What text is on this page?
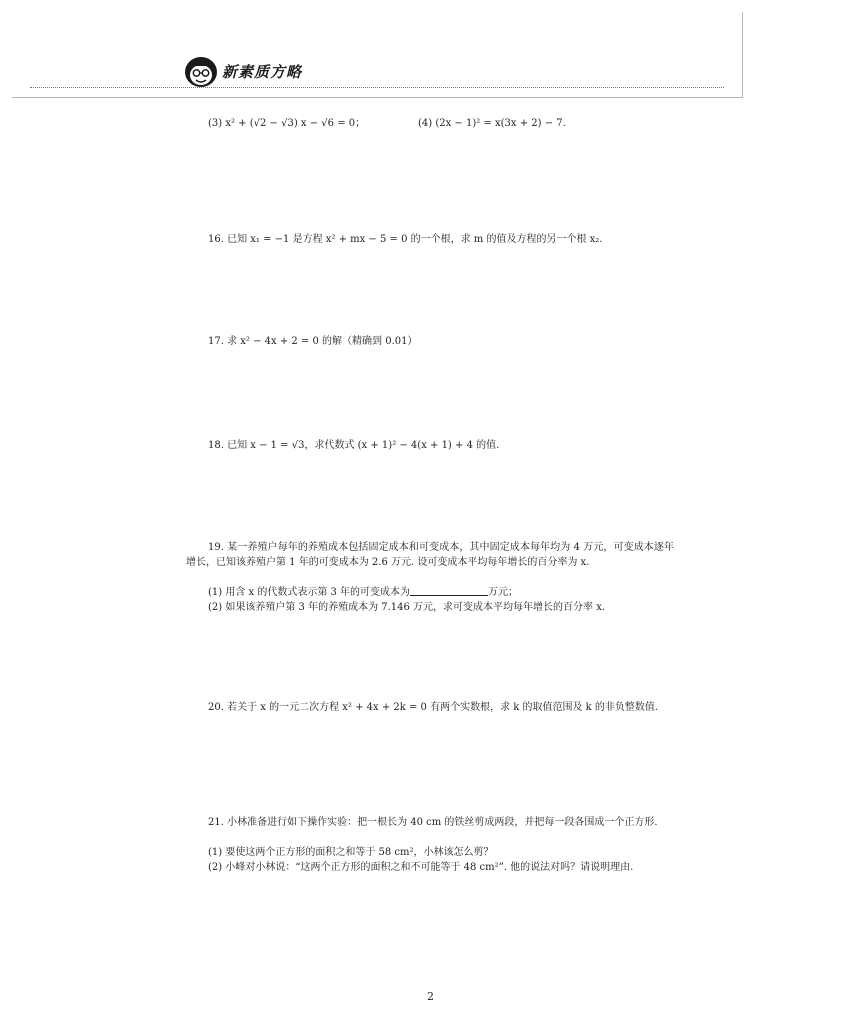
新素质方略
(3) x² + (√2 − √3) x − √6 = 0；	(4) (2x − 1)² = x(3x + 2) − 7.
16. 已知 x₁ = −1 是方程 x² + mx − 5 = 0 的一个根，求 m 的值及方程的另一个根 x₂.
17. 求 x² − 4x + 2 = 0 的解（精确到 0.01）
18. 已知 x − 1 = √3，求代数式 (x + 1)² − 4(x + 1) + 4 的值.
19. 某一养殖户每年的养殖成本包括固定成本和可变成本，其中固定成本每年均为 4 万元，可变成本逐年增长，已知该养殖户第 1 年的可变成本为 2.6 万元. 设可变成本平均每年增长的百分率为 x.
(1) 用含 x 的代数式表示第 3 年的可变成本为	万元；
(2) 如果该养殖户第 3 年的养殖成本为 7.146 万元，求可变成本平均每年增长的百分率 x.
20. 若关于 x 的一元二次方程 x² + 4x + 2k = 0 有两个实数根，求 k 的取值范围及 k 的非负整数值.
21. 小林准备进行如下操作实验：把一根长为 40 cm 的铁丝剪成两段，并把每一段各围成一个正方形.
(1) 要使这两个正方形的面积之和等于 58 cm²，小林该怎么剪？
(2) 小峰对小林说：“这两个正方形的面积之和不可能等于 48 cm²”. 他的说法对吗？请说明理由.
2
